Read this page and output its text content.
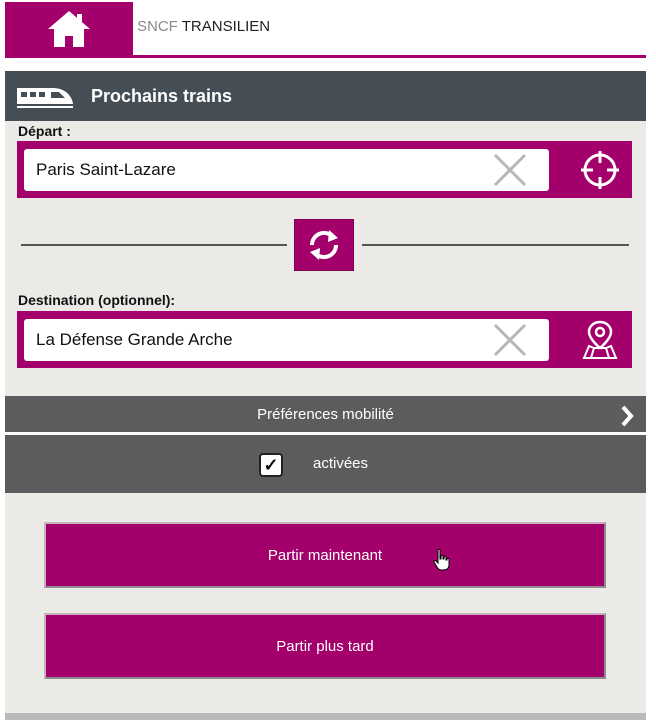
SNCF TRANSILIEN
Prochains trains
Départ :
Paris Saint-Lazare
Destination (optionnel):
La Défense Grande Arche
Préférences mobilité
✓ activées
Partir maintenant
Partir plus tard
